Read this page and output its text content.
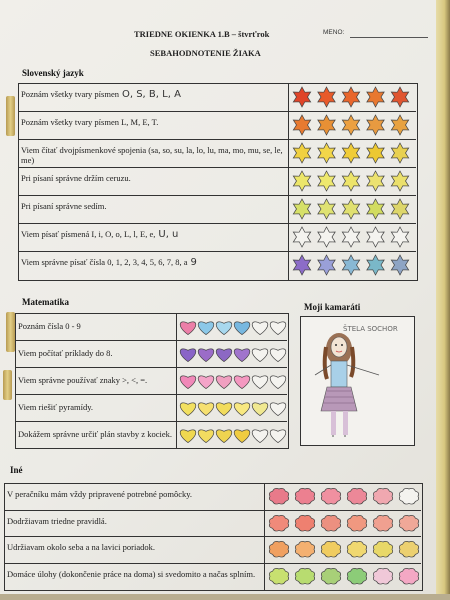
TRIEDNE OKIENKA 1.B – štvrťrok
SEBAHODNOTENIE ŽIAKA
MENO:
Slovenský jazyk
Poznám všetky tvary písmen O, S, B, L, A
Poznám všetky tvary písmen L, M, E, T.
Viem čítať dvojpísmenkové spojenia (sa, so, su, la, lo, lu, ma, mo, mu, se, le, me)
Pri písaní správne držím ceruzu.
Pri písaní správne sedím.
Viem písať písmená I, i, O, o, L, l, E, e, U, u
Viem správne písať čísla 0, 1, 2, 3, 4, 5, 6, 7, 8, a 9
Matematika
Poznám čísla 0 - 9
Viem počítať príklady do 8.
Viem správne používať znaky >, <, =.
Viem riešiť pyramídy.
Dokážem správne určiť plán stavby z kociek.
Moji kamaráti
ŠTELA SOCHOR
Iné
V peračníku mám vždy pripravené potrebné pomôcky.
Dodržiavam triedne pravidlá.
Udržiavam okolo seba a na lavici poriadok.
Domáce úlohy (dokončenie práce na doma) si svedomito a načas splním.
